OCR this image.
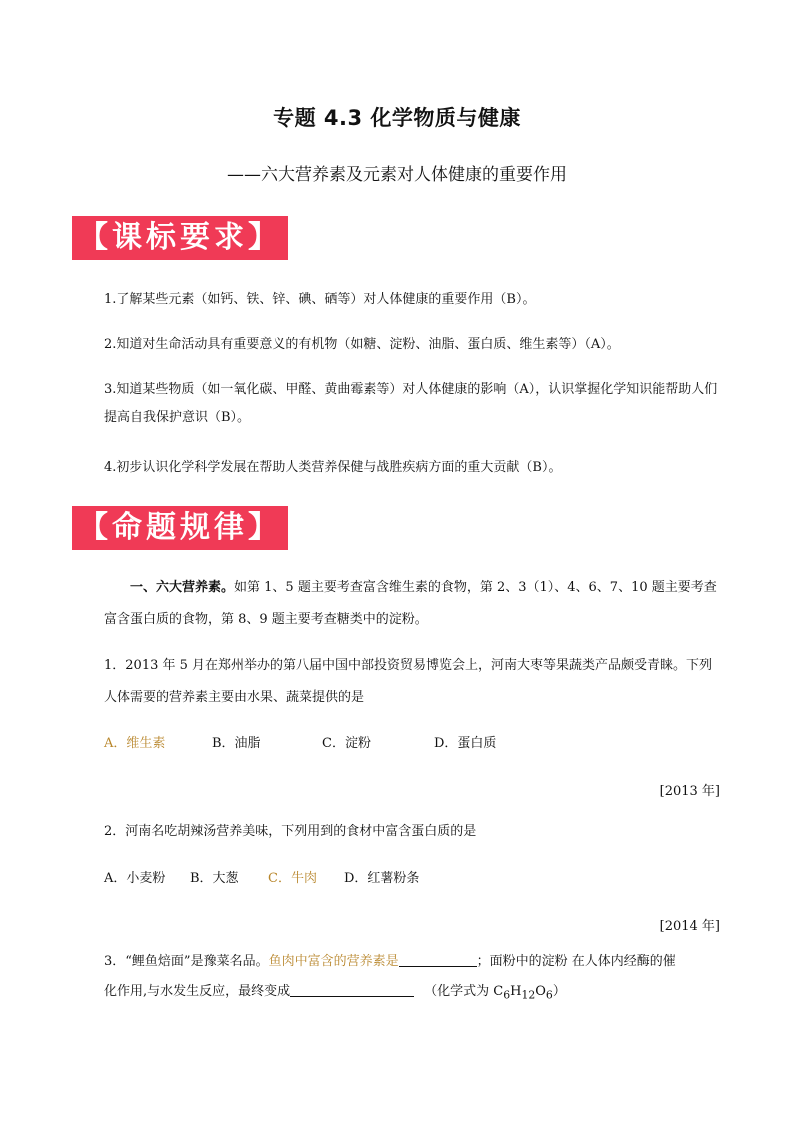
专题 4.3 化学物质与健康
——六大营养素及元素对人体健康的重要作用
【课标要求】
1.了解某些元素（如钙、铁、锌、碘、硒等）对人体健康的重要作用（B）。
2.知道对生命活动具有重要意义的有机物（如糖、淀粉、油脂、蛋白质、维生素等）（A）。
3.知道某些物质（如一氧化碳、甲醛、黄曲霉素等）对人体健康的影响（A），认识掌握化学知识能帮助人们提高自我保护意识（B）。
4.初步认识化学科学发展在帮助人类营养保健与战胜疾病方面的重大贡献（B）。
【命题规律】
一、六大营养素。如第 1、5 题主要考查富含维生素的食物，第 2、3（1）、4、6、7、10 题主要考查富含蛋白质的食物，第 8、9 题主要考查糖类中的淀粉。
1．2013 年 5 月在郑州举办的第八届中国中部投资贸易博览会上，河南大枣等果蔬类产品颇受青睐。下列人体需要的营养素主要由水果、蔬菜提供的是
A．维生素	B．油脂	C．淀粉	D．蛋白质
[2013 年]
2．河南名吃胡辣汤营养美味，下列用到的食材中富含蛋白质的是
A．小麦粉 B．大葱 C．牛肉 D．红薯粉条
[2014 年]
3．“鲤鱼焙面”是豫菜名品。鱼肉中富含的营养素是	；面粉中的淀粉 在人体内经酶的催
化作用,与水发生反应，最终变成	（化学式为 $C_6H_{12}O_6$）
